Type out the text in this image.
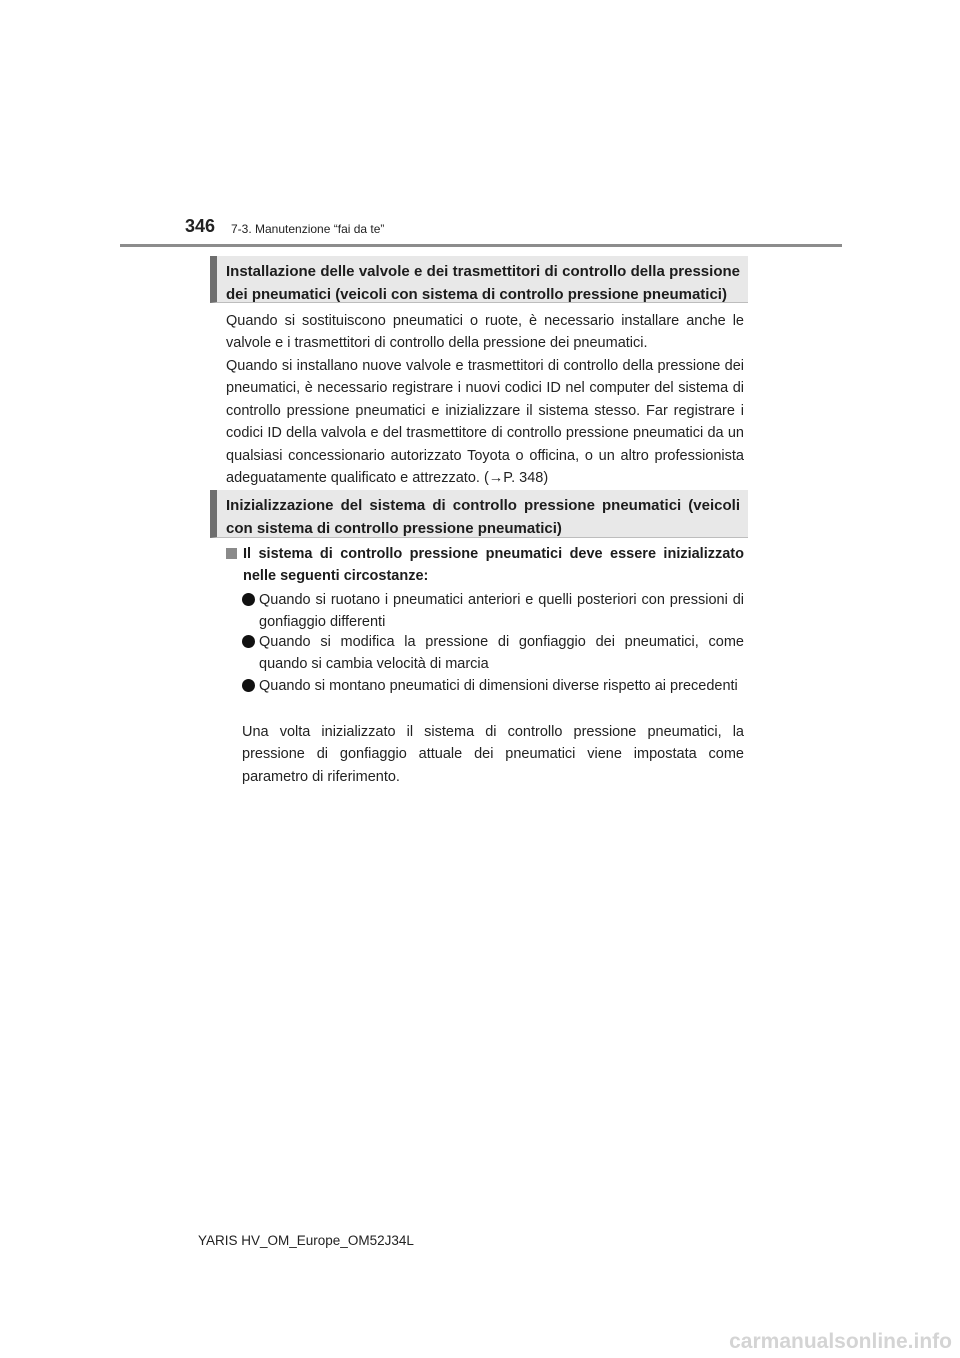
346 7-3. Manutenzione “fai da te”
Installazione delle valvole e dei trasmettitori di controllo della pressione dei pneumatici (veicoli con sistema di controllo pressione pneumatici)

Quando si sostituiscono pneumatici o ruote, è necessario installare anche le valvole e i trasmettitori di controllo della pressione dei pneumatici.

Quando si installano nuove valvole e trasmettitori di controllo della pressione dei pneumatici, è necessario registrare i nuovi codici ID nel computer del sistema di controllo pressione pneumatici e inizializzare il sistema stesso. Far registrare i codici ID della valvola e del trasmettitore di controllo pressione pneumatici da un qualsiasi concessionario autorizzato Toyota o officina, o un altro professionista adeguatamente qualificato e attrezzato. (→P. 348)

Inizializzazione del sistema di controllo pressione pneumatici (veicoli con sistema di controllo pressione pneumatici)
Il sistema di controllo pressione pneumatici deve essere inizializzato nelle seguenti circostanze:
Quando si ruotano i pneumatici anteriori e quelli posteriori con pressioni di gonfiaggio differenti
Quando si modifica la pressione di gonfiaggio dei pneumatici, come quando si cambia velocità di marcia
Quando si montano pneumatici di dimensioni diverse rispetto ai precedenti

Una volta inizializzato il sistema di controllo pressione pneumatici, la pressione di gonfiaggio attuale dei pneumatici viene impostata come parametro di riferimento.

YARIS HV_OM_Europe_OM52J34L
carmanualsonline.info
